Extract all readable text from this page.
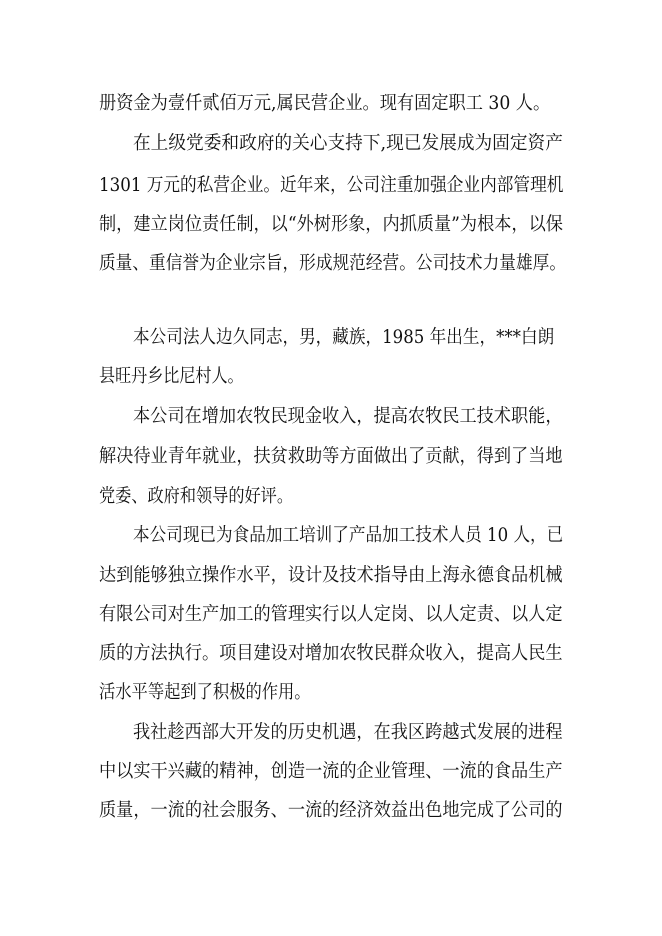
册资金为壹仟贰佰万元,属民营企业。现有固定职工 30 人。
在上级党委和政府的关心支持下,现已发展成为固定资产
1301 万元的私营企业。近年来，公司注重加强企业内部管理机
制，建立岗位责任制，以“外树形象，内抓质量”为根本，以保
质量、重信誉为企业宗旨，形成规范经营。公司技术力量雄厚。
本公司法人边久同志，男，藏族，1985 年出生，***白朗
县旺丹乡比尼村人。
本公司在增加农牧民现金收入，提高农牧民工技术职能，
解决待业青年就业，扶贫救助等方面做出了贡献，得到了当地
党委、政府和领导的好评。
本公司现已为食品加工培训了产品加工技术人员 10 人，已
达到能够独立操作水平，设计及技术指导由上海永德食品机械
有限公司对生产加工的管理实行以人定岗、以人定责、以人定
质的方法执行。项目建设对增加农牧民群众收入，提高人民生
活水平等起到了积极的作用。
我社趁西部大开发的历史机遇，在我区跨越式发展的进程
中以实干兴藏的精神，创造一流的企业管理、一流的食品生产
质量，一流的社会服务、一流的经济效益出色地完成了公司的
